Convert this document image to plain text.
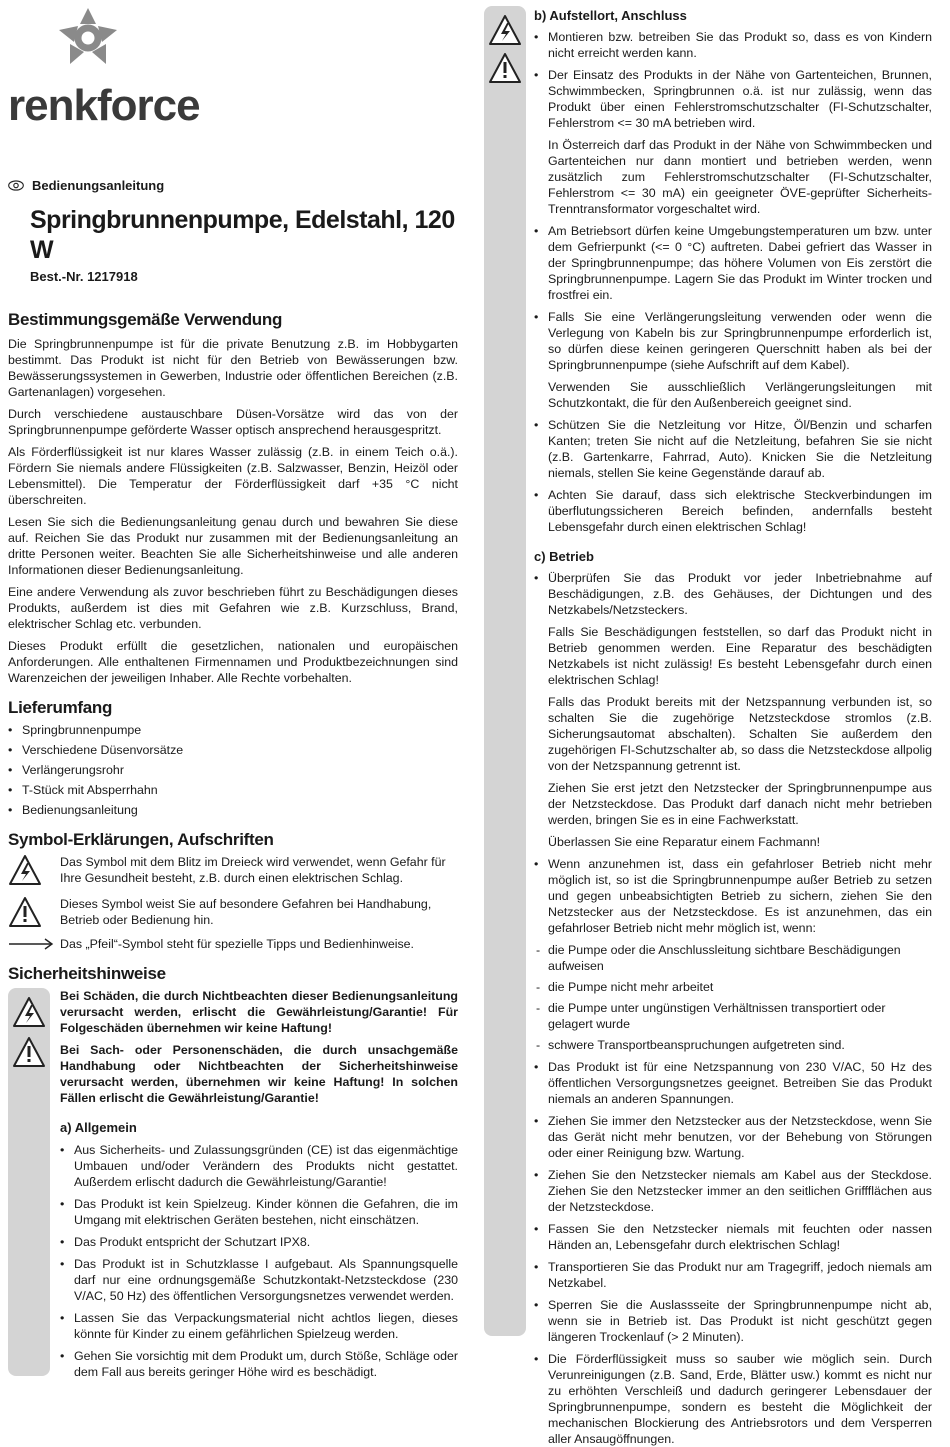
renkforce
Bedienungsanleitung
Springbrunnenpumpe, Edelstahl, 120 W
Best.-Nr. 1217918
Bestimmungsgemäße Verwendung

Die Springbrunnenpumpe ist für die private Benutzung z.B. im Hobbygarten bestimmt. Das Produkt ist nicht für den Betrieb von Bewässerungen bzw. Bewässerungssystemen in Gewerben, Industrie oder öffentlichen Bereichen (z.B. Gartenanlagen) vorgesehen.

Durch verschiedene austauschbare Düsen-Vorsätze wird das von der Springbrunnenpumpe geförderte Wasser optisch ansprechend herausgespritzt.

Als Förderflüssigkeit ist nur klares Wasser zulässig (z.B. in einem Teich o.ä.). Fördern Sie niemals andere Flüssigkeiten (z.B. Salzwasser, Benzin, Heizöl oder Lebensmittel). Die Temperatur der Förderflüssigkeit darf +35 °C nicht überschreiten.

Lesen Sie sich die Bedienungsanleitung genau durch und bewahren Sie diese auf. Reichen Sie das Produkt nur zusammen mit der Bedienungsanleitung an dritte Personen weiter. Beachten Sie alle Sicherheitshinweise und alle anderen Informationen dieser Bedienungsanleitung.

Eine andere Verwendung als zuvor beschrieben führt zu Beschädigungen dieses Produkts, außerdem ist dies mit Gefahren wie z.B. Kurzschluss, Brand, elektrischer Schlag etc. verbunden.

Dieses Produkt erfüllt die gesetzlichen, nationalen und europäischen Anforderungen. Alle enthaltenen Firmennamen und Produktbezeichnungen sind Warenzeichen der jeweiligen Inhaber. Alle Rechte vorbehalten.

Lieferumfang
• Springbrunnenpumpe
• Verschiedene Düsenvorsätze
• Verlängerungsrohr
• T-Stück mit Absperrhahn
• Bedienungsanleitung
Symbol-Erklärungen, Aufschriften

Das Symbol mit dem Blitz im Dreieck wird verwendet, wenn Gefahr für Ihre Gesundheit besteht, z.B. durch einen elektrischen Schlag.

Dieses Symbol weist Sie auf besondere Gefahren bei Handhabung, Betrieb oder Bedienung hin.

Das „Pfeil“-Symbol steht für spezielle Tipps und Bedienhinweise.

Sicherheitshinweise

Bei Schäden, die durch Nichtbeachten dieser Bedienungsanleitung verursacht werden, erlischt die Gewährleistung/Garantie! Für Folgeschäden übernehmen wir keine Haftung!

Bei Sach- oder Personenschäden, die durch unsachgemäße Handhabung oder Nichtbeachten der Sicherheitshinweise verursacht werden, übernehmen wir keine Haftung! In solchen Fällen erlischt die Gewährleistung/Garantie!

a) Allgemein
• Aus Sicherheits- und Zulassungsgründen (CE) ist das eigenmächtige Umbauen und/oder Verändern des Produkts nicht gestattet. Außerdem erlischt dadurch die Gewährleistung/Garantie!
• Das Produkt ist kein Spielzeug. Kinder können die Gefahren, die im Umgang mit elektrischen Geräten bestehen, nicht einschätzen.
• Das Produkt entspricht der Schutzart IPX8.
• Das Produkt ist in Schutzklasse I aufgebaut. Als Spannungsquelle darf nur eine ordnungsgemäße Schutzkontakt-Netzsteckdose (230 V/AC, 50 Hz) des öffentlichen Versorgungsnetzes verwendet werden.
• Lassen Sie das Verpackungsmaterial nicht achtlos liegen, dieses könnte für Kinder zu einem gefährlichen Spielzeug werden.
• Gehen Sie vorsichtig mit dem Produkt um, durch Stöße, Schläge oder dem Fall aus bereits geringer Höhe wird es beschädigt.
b) Aufstellort, Anschluss
• Montieren bzw. betreiben Sie das Produkt so, dass es von Kindern nicht erreicht werden kann.
• Der Einsatz des Produkts in der Nähe von Gartenteichen, Brunnen, Schwimmbecken, Springbrunnen o.ä. ist nur zulässig, wenn das Produkt über einen Fehlerstromschutzschalter (FI-Schutzschalter, Fehlerstrom <= 30 mA betrieben wird.

In Österreich darf das Produkt in der Nähe von Schwimmbecken und Gartenteichen nur dann montiert und betrieben werden, wenn zusätzlich zum Fehlerstromschutzschalter (FI-Schutzschalter, Fehlerstrom <= 30 mA) ein geeigneter ÖVE-geprüfter Sicherheits-Trenntransformator vorgeschaltet wird.

• Am Betriebsort dürfen keine Umgebungstemperaturen um bzw. unter dem Gefrierpunkt (<= 0 °C) auftreten. Dabei gefriert das Wasser in der Springbrunnenpumpe; das höhere Volumen von Eis zerstört die Springbrunnenpumpe. Lagern Sie das Produkt im Winter trocken und frostfrei ein.
• Falls Sie eine Verlängerungsleitung verwenden oder wenn die Verlegung von Kabeln bis zur Springbrunnenpumpe erforderlich ist, so dürfen diese keinen geringeren Querschnitt haben als bei der Springbrunnenpumpe (siehe Aufschrift auf dem Kabel).

Verwenden Sie ausschließlich Verlängerungsleitungen mit Schutzkontakt, die für den Außenbereich geeignet sind.

• Schützen Sie die Netzleitung vor Hitze, Öl/Benzin und scharfen Kanten; treten Sie nicht auf die Netzleitung, befahren Sie sie nicht (z.B. Gartenkarre, Fahrrad, Auto). Knicken Sie die Netzleitung niemals, stellen Sie keine Gegenstände darauf ab.
• Achten Sie darauf, dass sich elektrische Steckverbindungen im überflutungssicheren Bereich befinden, andernfalls besteht Lebensgefahr durch einen elektrischen Schlag!
c) Betrieb
• Überprüfen Sie das Produkt vor jeder Inbetriebnahme auf Beschädigungen, z.B. des Gehäuses, der Dichtungen und des Netzkabels/Netzsteckers.

Falls Sie Beschädigungen feststellen, so darf das Produkt nicht in Betrieb genommen werden. Eine Reparatur des beschädigten Netzkabels ist nicht zulässig! Es besteht Lebensgefahr durch einen elektrischen Schlag!

Falls das Produkt bereits mit der Netzspannung verbunden ist, so schalten Sie die zugehörige Netzsteckdose stromlos (z.B. Sicherungsautomat abschalten). Schalten Sie außerdem den zugehörigen FI-Schutzschalter ab, so dass die Netzsteckdose allpolig von der Netzspannung getrennt ist.

Ziehen Sie erst jetzt den Netzstecker der Springbrunnenpumpe aus der Netzsteckdose. Das Produkt darf danach nicht mehr betrieben werden, bringen Sie es in eine Fachwerkstatt.

Überlassen Sie eine Reparatur einem Fachmann!

• Wenn anzunehmen ist, dass ein gefahrloser Betrieb nicht mehr möglich ist, so ist die Springbrunnenpumpe außer Betrieb zu setzen und gegen unbeabsichtigten Betrieb zu sichern, ziehen Sie den Netzstecker aus der Netzsteckdose. Es ist anzunehmen, das ein gefahrloser Betrieb nicht mehr möglich ist, wenn:
- die Pumpe oder die Anschlussleitung sichtbare Beschädigungen aufweisen
- die Pumpe nicht mehr arbeitet
- die Pumpe unter ungünstigen Verhältnissen transportiert oder gelagert wurde
- schwere Transportbeanspruchungen aufgetreten sind.
• Das Produkt ist für eine Netzspannung von 230 V/AC, 50 Hz des öffentlichen Versorgungsnetzes geeignet. Betreiben Sie das Produkt niemals an anderen Spannungen.
• Ziehen Sie immer den Netzstecker aus der Netzsteckdose, wenn Sie das Gerät nicht mehr benutzen, vor der Behebung von Störungen oder einer Reinigung bzw. Wartung.
• Ziehen Sie den Netzstecker niemals am Kabel aus der Steckdose. Ziehen Sie den Netzstecker immer an den seitlichen Griffflächen aus der Netzsteckdose.
• Fassen Sie den Netzstecker niemals mit feuchten oder nassen Händen an, Lebensgefahr durch elektrischen Schlag!
• Transportieren Sie das Produkt nur am Tragegriff, jedoch niemals am Netzkabel.
• Sperren Sie die Auslassseite der Springbrunnenpumpe nicht ab, wenn sie in Betrieb ist. Das Produkt ist nicht geschützt gegen längeren Trockenlauf (> 2 Minuten).
• Die Förderflüssigkeit muss so sauber wie möglich sein. Durch Verunreinigungen (z.B. Sand, Erde, Blätter usw.) kommt es nicht nur zu erhöhten Verschleiß und dadurch geringerer Lebensdauer der Springbrunnenpumpe, sondern es besteht die Möglichkeit der mechanischen Blockierung des Antriebsrotors und dem Versperren aller Ansaugöffnungen.
